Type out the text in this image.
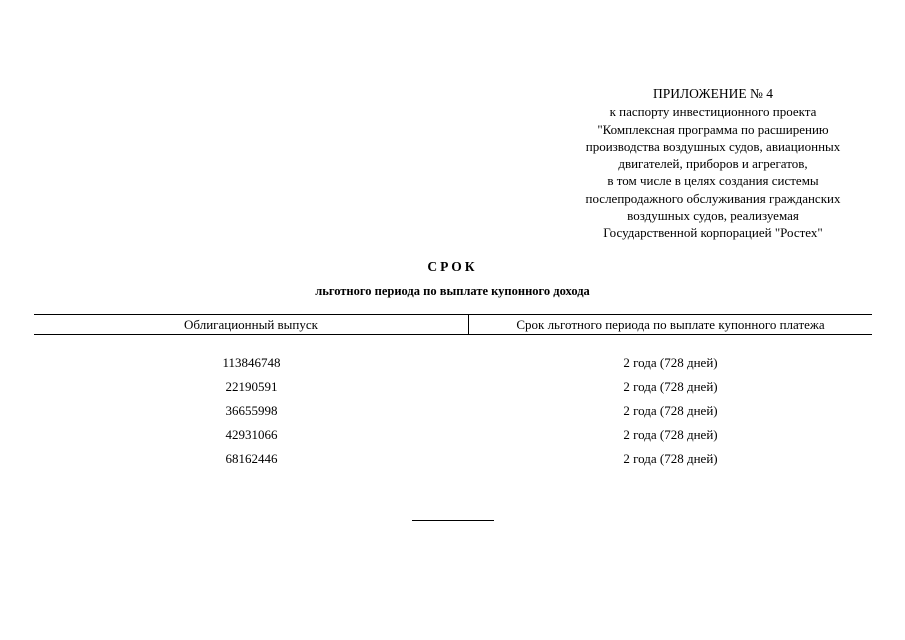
ПРИЛОЖЕНИЕ № 4
к паспорту инвестиционного проекта
"Комплексная программа по расширению
производства воздушных судов, авиационных
двигателей, приборов и агрегатов,
в том числе в целях создания системы
послепродажного обслуживания гражданских
воздушных судов, реализуемая
Государственной корпорацией "Ростех"
СРОК
льготного периода по выплате купонного дохода
Облигационный выпуск	Срок льготного периода по выплате купонного платежа
113846748	2 года (728 дней)
22190591	2 года (728 дней)
36655998	2 года (728 дней)
42931066	2 года (728 дней)
68162446	2 года (728 дней)
